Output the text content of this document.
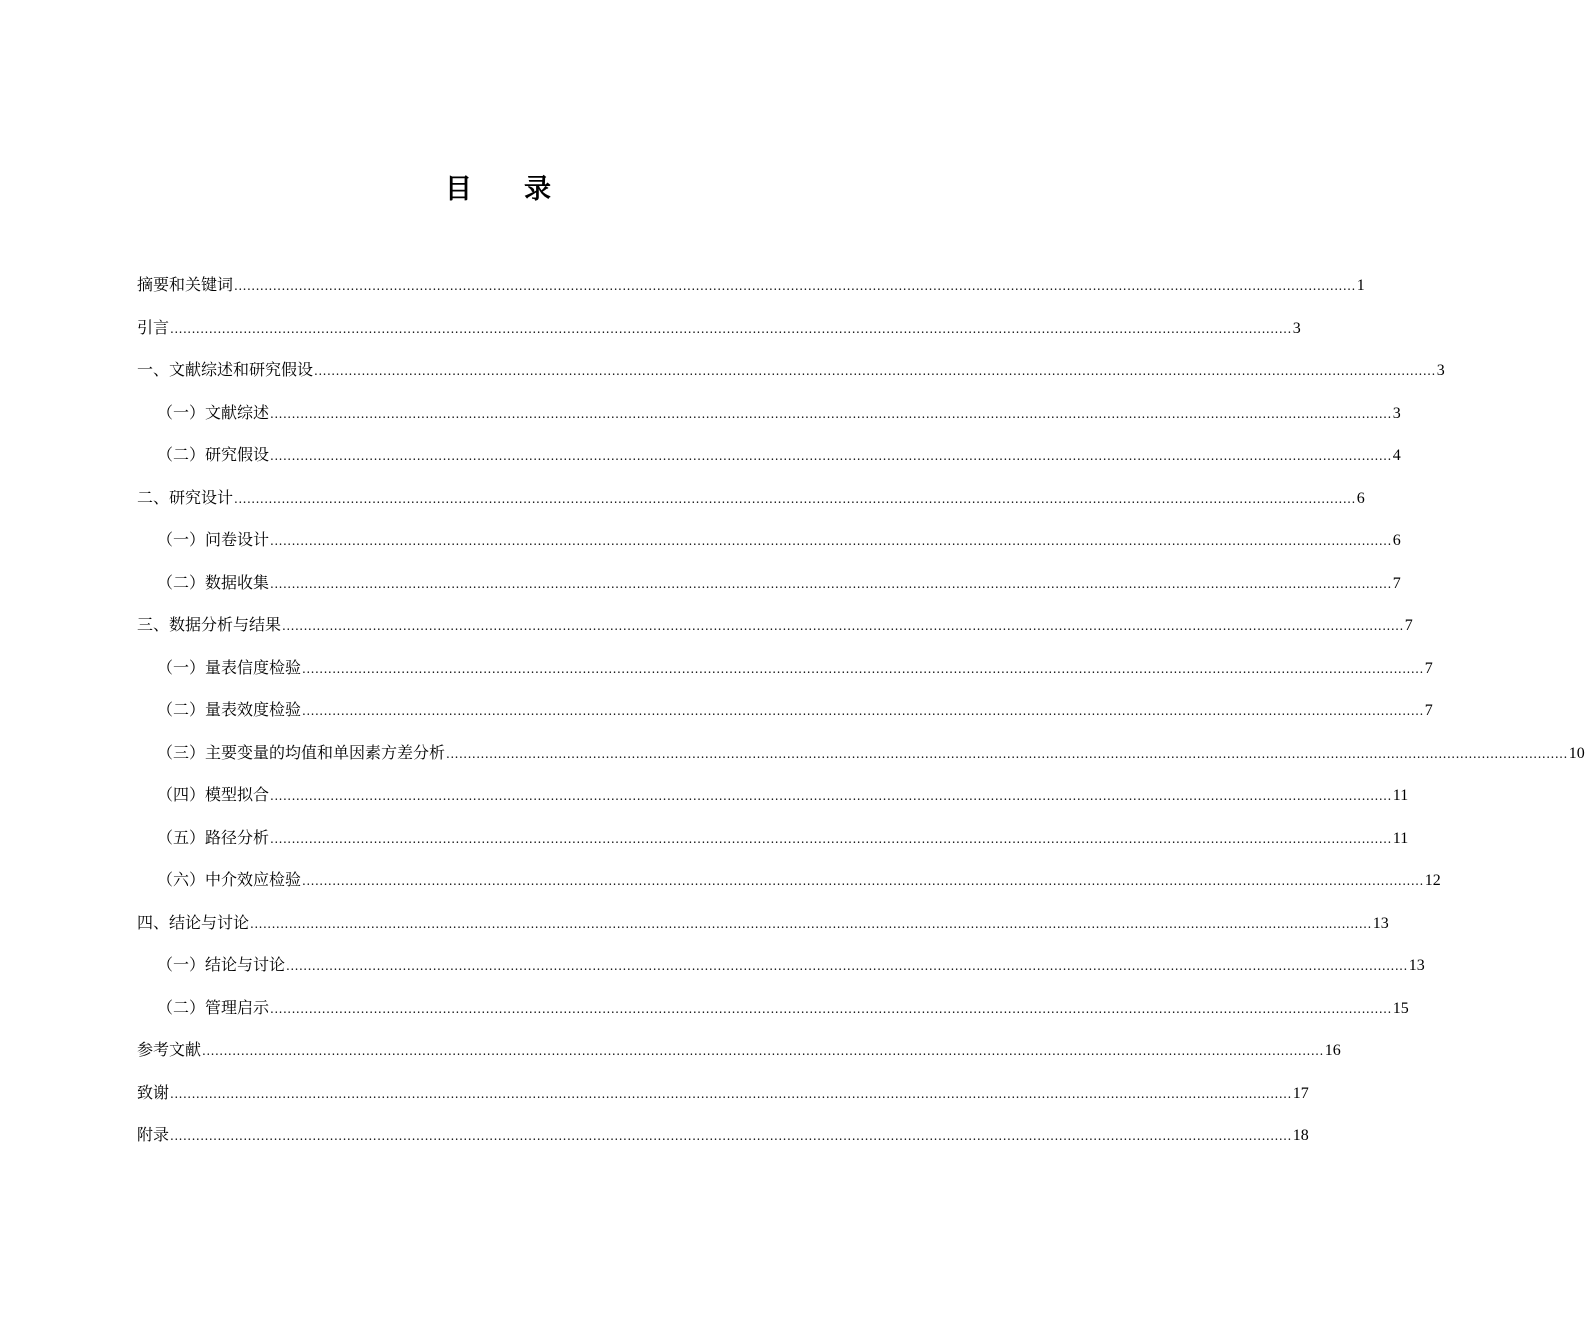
目 录
摘要和关键词 .................................................................................................................................................................................................................................................................... 1
引言 .................................................................................................................................................................................................................................................................... 3
一、文献综述和研究假设 .................................................................................................................................................................................................................................................................... 3
（一）文献综述 .................................................................................................................................................................................................................................................................... 3
（二）研究假设 .................................................................................................................................................................................................................................................................... 4
二、研究设计 .................................................................................................................................................................................................................................................................... 6
（一）问卷设计 .................................................................................................................................................................................................................................................................... 6
（二）数据收集 .................................................................................................................................................................................................................................................................... 7
三、数据分析与结果 .................................................................................................................................................................................................................................................................... 7
（一）量表信度检验 .................................................................................................................................................................................................................................................................... 7
（二）量表效度检验 .................................................................................................................................................................................................................................................................... 7
（三）主要变量的均值和单因素方差分析 .................................................................................................................................................................................................................................................................... 10
（四）模型拟合 .................................................................................................................................................................................................................................................................... 11
（五）路径分析 .................................................................................................................................................................................................................................................................... 11
（六）中介效应检验 .................................................................................................................................................................................................................................................................... 12
四、结论与讨论 .................................................................................................................................................................................................................................................................... 13
（一）结论与讨论 .................................................................................................................................................................................................................................................................... 13
（二）管理启示 .................................................................................................................................................................................................................................................................... 15
参考文献 .................................................................................................................................................................................................................................................................... 16
致谢 .................................................................................................................................................................................................................................................................... 17
附录 .................................................................................................................................................................................................................................................................... 18
